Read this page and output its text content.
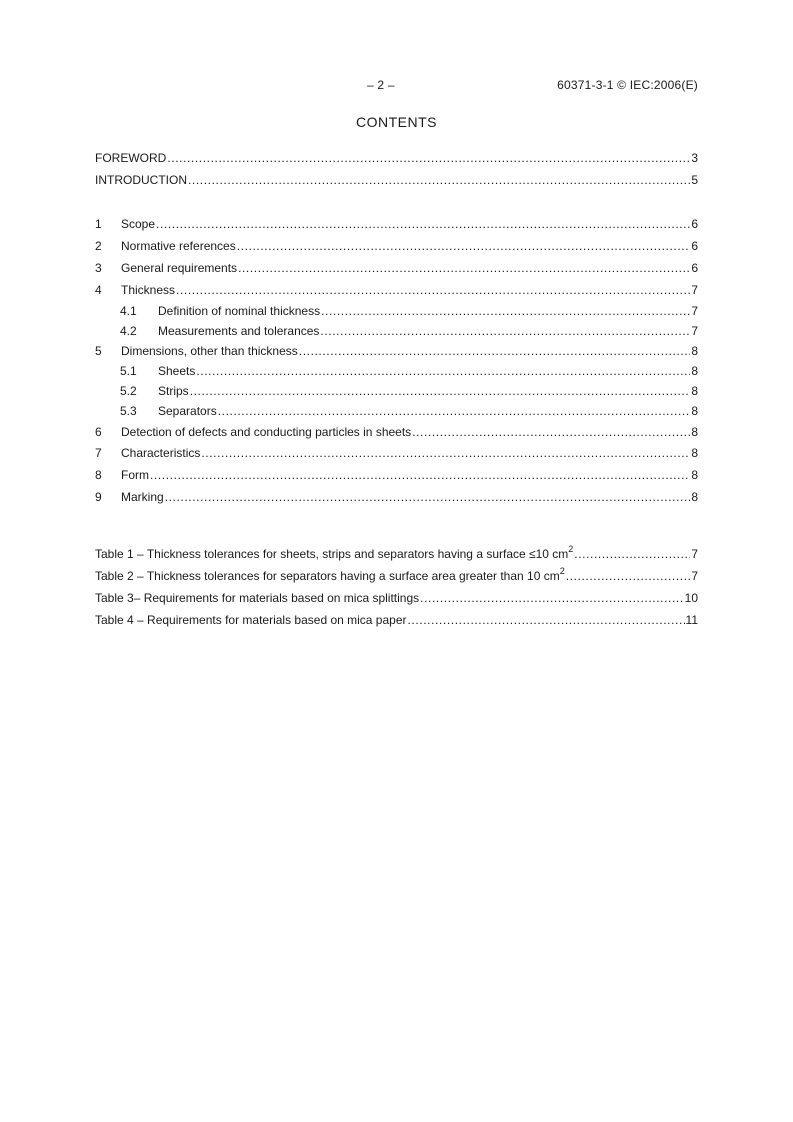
– 2 –	60371-3-1 © IEC:2006(E)
CONTENTS
FOREWORD .....	3
INTRODUCTION .....	5
1	Scope .....	6
2	Normative references .....	6
3	General requirements .....	6
4	Thickness .....	7
4.1	Definition of nominal thickness .....	7
4.2	Measurements and tolerances .....	7
5	Dimensions, other than thickness .....	8
5.1	Sheets .....	8
5.2	Strips .....	8
5.3	Separators .....	8
6	Detection of defects and conducting particles in sheets .....	8
7	Characteristics .....	8
8	Form .....	8
9	Marking .....	8
Table 1 – Thickness tolerances for sheets, strips and separators having a surface ≤10 $cm^2$ .....	7
Table 2 – Thickness tolerances for separators having a surface area greater than 10 $cm^2$ .....	7
Table 3– Requirements for materials based on mica splittings .....	10
Table 4 – Requirements for materials based on mica paper .....	11
